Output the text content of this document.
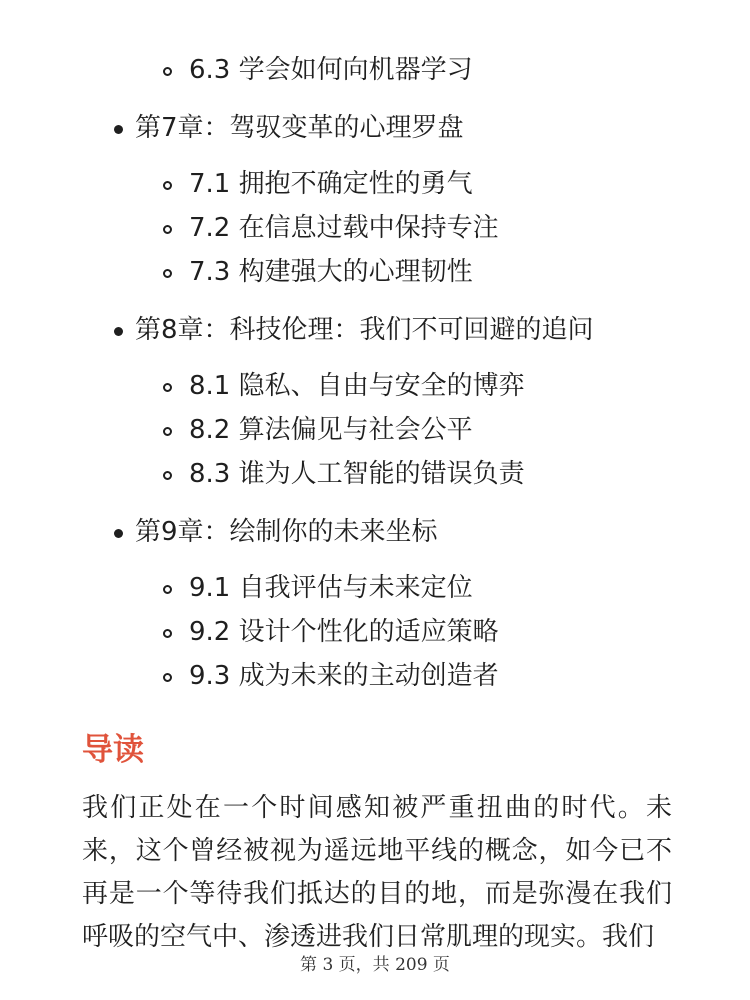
6.3 学会如何向机器学习
第7章：驾驭变革的心理罗盘
7.1 拥抱不确定性的勇气
7.2 在信息过载中保持专注
7.3 构建强大的心理韧性
第8章：科技伦理：我们不可回避的追问
8.1 隐私、自由与安全的博弈
8.2 算法偏见与社会公平
8.3 谁为人工智能的错误负责
第9章：绘制你的未来坐标
9.1 自我评估与未来定位
9.2 设计个性化的适应策略
9.3 成为未来的主动创造者
导读
我们正处在一个时间感知被严重扭曲的时代。未来，这个曾经被视为遥远地平线的概念，如今已不再是一个等待我们抵达的目的地，而是弥漫在我们呼吸的空气中、渗透进我们日常肌理的现实。我们
第 3 页，共 209 页
